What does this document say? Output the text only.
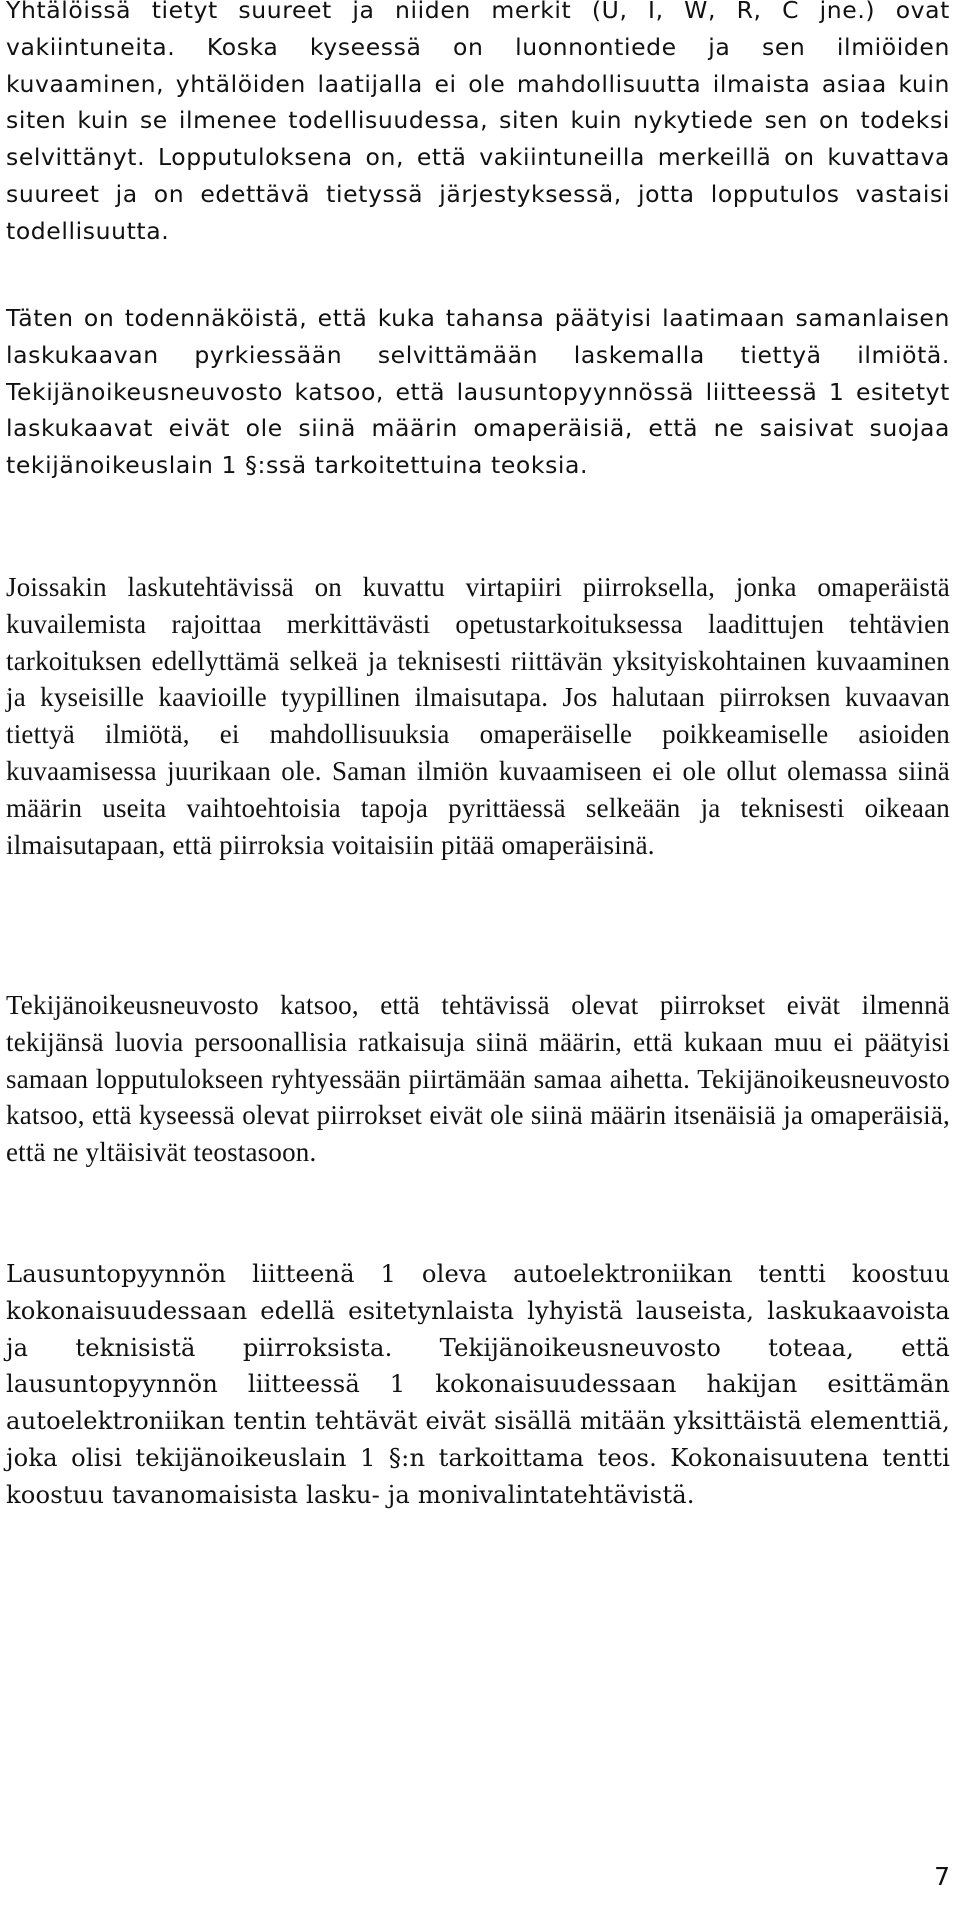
Yhtälöissä tietyt suureet ja niiden merkit (U, I, W, R, C jne.) ovat vakiintuneita. Koska kyseessä on luonnontiede ja sen ilmiöiden kuvaaminen, yhtälöiden laatijalla ei ole mahdollisuutta ilmaista asiaa kuin siten kuin se ilmenee todellisuudessa, siten kuin nykytiede sen on todeksi selvittänyt. Lopputuloksena on, että vakiintuneilla merkeillä on kuvattava suureet ja on edettävä tietyssä järjestyksessä, jotta lopputulos vastaisi todellisuutta.

Täten on todennäköistä, että kuka tahansa päätyisi laatimaan samanlaisen laskukaavan pyrkiessään selvittämään laskemalla tiettyä ilmiötä. Tekijänoikeusneuvosto katsoo, että lausuntopyynnössä liitteessä 1 esitetyt laskukaavat eivät ole siinä määrin omaperäisiä, että ne saisivat suojaa tekijänoikeuslain 1 §:ssä tarkoitettuina teoksia.

Joissakin laskutehtävissä on kuvattu virtapiiri piirroksella, jonka omaperäistä kuvailemista rajoittaa merkittävästi opetustarkoituksessa laadittujen tehtävien tarkoituksen edellyttämä selkeä ja teknisesti riittävän yksityiskohtainen kuvaaminen ja kyseisille kaavioille tyypillinen ilmaisutapa. Jos halutaan piirroksen kuvaavan tiettyä ilmiötä, ei mahdollisuuksia omaperäiselle poikkeamiselle asioiden kuvaamisessa juurikaan ole. Saman ilmiön kuvaamiseen ei ole ollut olemassa siinä määrin useita vaihtoehtoisia tapoja pyrittäessä selkeään ja teknisesti oikeaan ilmaisutapaan, että piirroksia voitaisiin pitää omaperäisinä.

Tekijänoikeusneuvosto katsoo, että tehtävissä olevat piirrokset eivät ilmennä tekijänsä luovia persoonallisia ratkaisuja siinä määrin, että kukaan muu ei päätyisi samaan lopputulokseen ryhtyessään piirtämään samaa aihetta. Tekijänoikeusneuvosto katsoo, että kyseessä olevat piirrokset eivät ole siinä määrin itsenäisiä ja omaperäisiä, että ne yltäisivät teostasoon.

Lausuntopyynnön liitteenä 1 oleva autoelektroniikan tentti koostuu kokonaisuudessaan edellä esitetynlaista lyhyistä lauseista, laskukaavoista ja teknisistä piirroksista. Tekijänoikeusneuvosto toteaa, että lausuntopyynnön liitteessä 1 kokonaisuudessaan hakijan esittämän autoelektroniikan tentin tehtävät eivät sisällä mitään yksittäistä elementtiä, joka olisi tekijänoikeuslain 1 §:n tarkoittama teos. Kokonaisuutena tentti koostuu tavanomaisista lasku- ja monivalintatehtävistä.

7
